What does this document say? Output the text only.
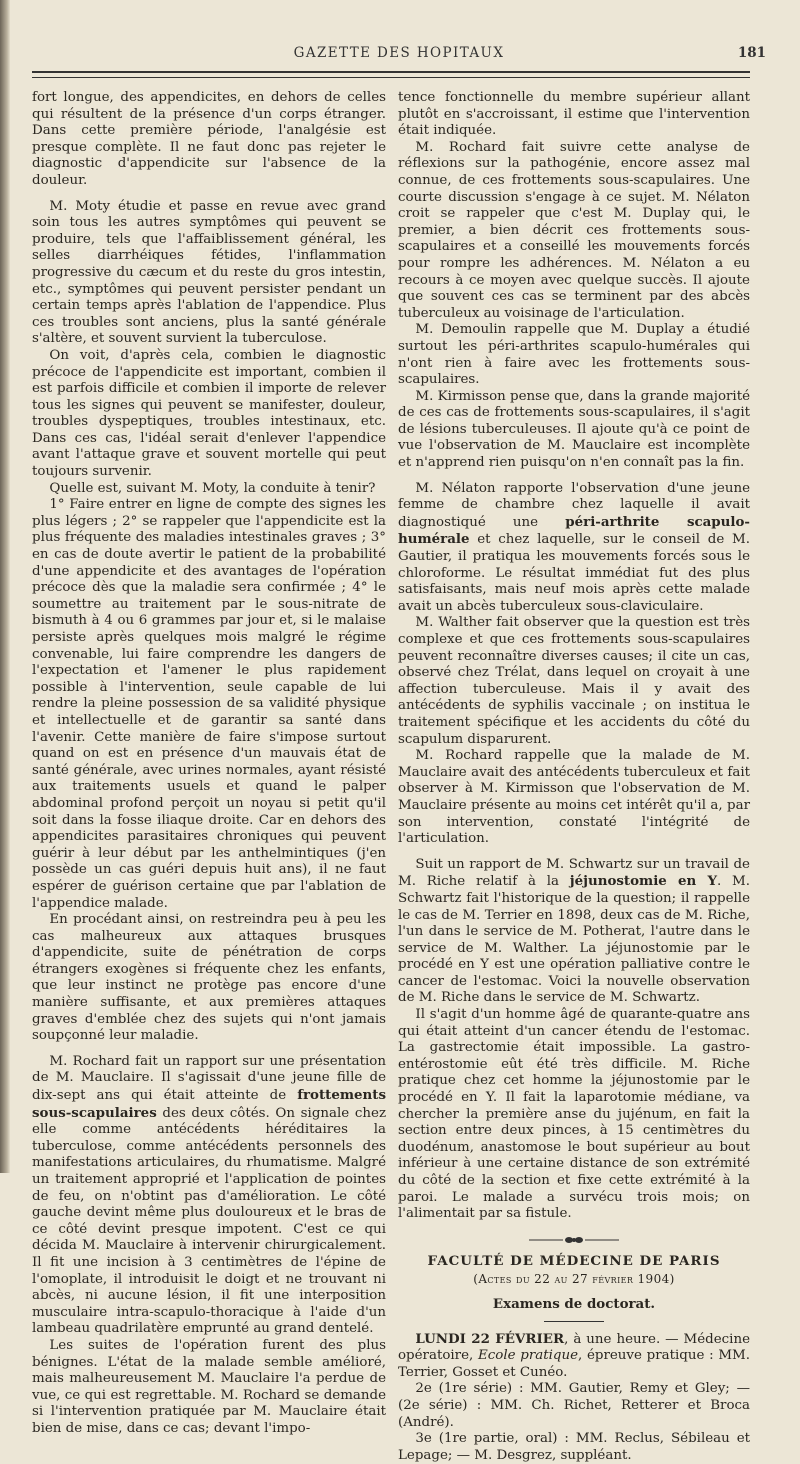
GAZETTE DES HOPITAUX	181

fort longue, des appendicites, en dehors de celles qui résultent de la présence d'un corps étranger. Dans cette première période, l'analgésie est presque complète. Il ne faut donc pas rejeter le diagnostic d'appendicite sur l'absence de la douleur.

M. Moty étudie et passe en revue avec grand soin tous les autres symptômes qui peuvent se produire, tels que l'affaiblissement général, les selles diarrhéiques fétides, l'inflammation progressive du cæcum et du reste du gros intestin, etc., symptômes qui peuvent persister pendant un certain temps après l'ablation de l'appendice. Plus ces troubles sont anciens, plus la santé générale s'altère, et souvent survient la tuberculose.

On voit, d'après cela, combien le diagnostic précoce de l'appendicite est important, combien il est parfois difficile et combien il importe de relever tous les signes qui peuvent se manifester, douleur, troubles dyspeptiques, troubles intestinaux, etc. Dans ces cas, l'idéal serait d'enlever l'appendice avant l'attaque grave et souvent mortelle qui peut toujours survenir.

Quelle est, suivant M. Moty, la conduite à tenir?

1° Faire entrer en ligne de compte des signes les plus légers ; 2° se rappeler que l'appendicite est la plus fréquente des maladies intestinales graves ; 3° en cas de doute avertir le patient de la probabilité d'une appendicite et des avantages de l'opération précoce dès que la maladie sera confirmée ; 4° le soumettre au traitement par le sous-nitrate de bismuth à 4 ou 6 grammes par jour et, si le malaise persiste après quelques mois malgré le régime convenable, lui faire comprendre les dangers de l'expectation et l'amener le plus rapidement possible à l'intervention, seule capable de lui rendre la pleine possession de sa validité physique et intellectuelle et de garantir sa santé dans l'avenir. Cette manière de faire s'impose surtout quand on est en présence d'un mauvais état de santé générale, avec urines normales, ayant résisté aux traitements usuels et quand le palper abdominal profond perçoit un noyau si petit qu'il soit dans la fosse iliaque droite. Car en dehors des appendicites parasitaires chroniques qui peuvent guérir à leur début par les anthelmintiques (j'en possède un cas guéri depuis huit ans), il ne faut espérer de guérison certaine que par l'ablation de l'appendice malade.

En procédant ainsi, on restreindra peu à peu les cas malheureux aux attaques brusques d'appendicite, suite de pénétration de corps étrangers exogènes si fréquente chez les enfants, que leur instinct ne protège pas encore d'une manière suffisante, et aux premières attaques graves d'emblée chez des sujets qui n'ont jamais soupçonné leur maladie.

M. Rochard fait un rapport sur une présentation de M. Mauclaire. Il s'agissait d'une jeune fille de dix-sept ans qui était atteinte de frottements sous-scapulaires des deux côtés. On signale chez elle comme antécédents héréditaires la tuberculose, comme antécédents personnels des manifestations articulaires, du rhumatisme. Malgré un traitement approprié et l'application de pointes de feu, on n'obtint pas d'amélioration. Le côté gauche devint même plus douloureux et le bras de ce côté devint presque impotent. C'est ce qui décida M. Mauclaire à intervenir chirurgicalement. Il fit une incision à 3 centimètres de l'épine de l'omoplate, il introduisit le doigt et ne trouvant ni abcès, ni aucune lésion, il fit une interposition musculaire intra-scapulo-thoracique à l'aide d'un lambeau quadrilatère emprunté au grand dentelé.

Les suites de l'opération furent des plus bénignes. L'état de la malade semble amélioré, mais malheureusement M. Mauclaire l'a perdue de vue, ce qui est regrettable. M. Rochard se demande si l'intervention pratiquée par M. Mauclaire était bien de mise, dans ce cas; devant l'impo-

tence fonctionnelle du membre supérieur allant plutôt en s'accroissant, il estime que l'intervention était indiquée.

M. Rochard fait suivre cette analyse de réflexions sur la pathogénie, encore assez mal connue, de ces frottements sous-scapulaires. Une courte discussion s'engage à ce sujet. M. Nélaton croit se rappeler que c'est M. Duplay qui, le premier, a bien décrit ces frottements sous-scapulaires et a conseillé les mouvements forcés pour rompre les adhérences. M. Nélaton a eu recours à ce moyen avec quelque succès. Il ajoute que souvent ces cas se terminent par des abcès tuberculeux au voisinage de l'articulation.

M. Demoulin rappelle que M. Duplay a étudié surtout les péri-arthrites scapulo-humérales qui n'ont rien à faire avec les frottements sous-scapulaires.

M. Kirmisson pense que, dans la grande majorité de ces cas de frottements sous-scapulaires, il s'agit de lésions tuberculeuses. Il ajoute qu'à ce point de vue l'observation de M. Mauclaire est incomplète et n'apprend rien puisqu'on n'en connaît pas la fin.

M. Nélaton rapporte l'observation d'une jeune femme de chambre chez laquelle il avait diagnostiqué une péri-arthrite scapulo-humérale et chez laquelle, sur le conseil de M. Gautier, il pratiqua les mouvements forcés sous le chloroforme. Le résultat immédiat fut des plus satisfaisants, mais neuf mois après cette malade avait un abcès tuberculeux sous-claviculaire.

M. Walther fait observer que la question est très complexe et que ces frottements sous-scapulaires peuvent reconnaître diverses causes; il cite un cas, observé chez Trélat, dans lequel on croyait à une affection tuberculeuse. Mais il y avait des antécédents de syphilis vaccinale ; on institua le traitement spécifique et les accidents du côté du scapulum disparurent.

M. Rochard rappelle que la malade de M. Mauclaire avait des antécédents tuberculeux et fait observer à M. Kirmisson que l'observation de M. Mauclaire présente au moins cet intérêt qu'il a, par son intervention, constaté l'intégrité de l'articulation.

Suit un rapport de M. Schwartz sur un travail de M. Riche relatif à la jéjunostomie en Y. M. Schwartz fait l'historique de la question; il rappelle le cas de M. Terrier en 1898, deux cas de M. Riche, l'un dans le service de M. Potherat, l'autre dans le service de M. Walther. La jéjunostomie par le procédé en Y est une opération palliative contre le cancer de l'estomac. Voici la nouvelle observation de M. Riche dans le service de M. Schwartz.

Il s'agit d'un homme âgé de quarante-quatre ans qui était atteint d'un cancer étendu de l'estomac. La gastrectomie était impossible. La gastro-entérostomie eût été très difficile. M. Riche pratique chez cet homme la jéjunostomie par le procédé en Y. Il fait la laparotomie médiane, va chercher la première anse du jujénum, en fait la section entre deux pinces, à 15 centimètres du duodénum, anastomose le bout supérieur au bout inférieur à une certaine distance de son extrémité du côté de la section et fixe cette extrémité à la paroi. Le malade a survécu trois mois; on l'alimentait par sa fistule.

FACULTÉ DE MÉDECINE DE PARIS
(Actes du 22 au 27 février 1904)
Examens de doctorat.

LUNDI 22 FÉVRIER, à une heure. — Médecine opératoire, Ecole pratique, épreuve pratique : MM. Terrier, Gosset et Cunéo.

2e (1re série) : MM. Gautier, Remy et Gley; — (2e série) : MM. Ch. Richet, Retterer et Broca (André).

3e (1re partie, oral) : MM. Reclus, Sébileau et Lepage; — M. Desgrez, suppléant.
